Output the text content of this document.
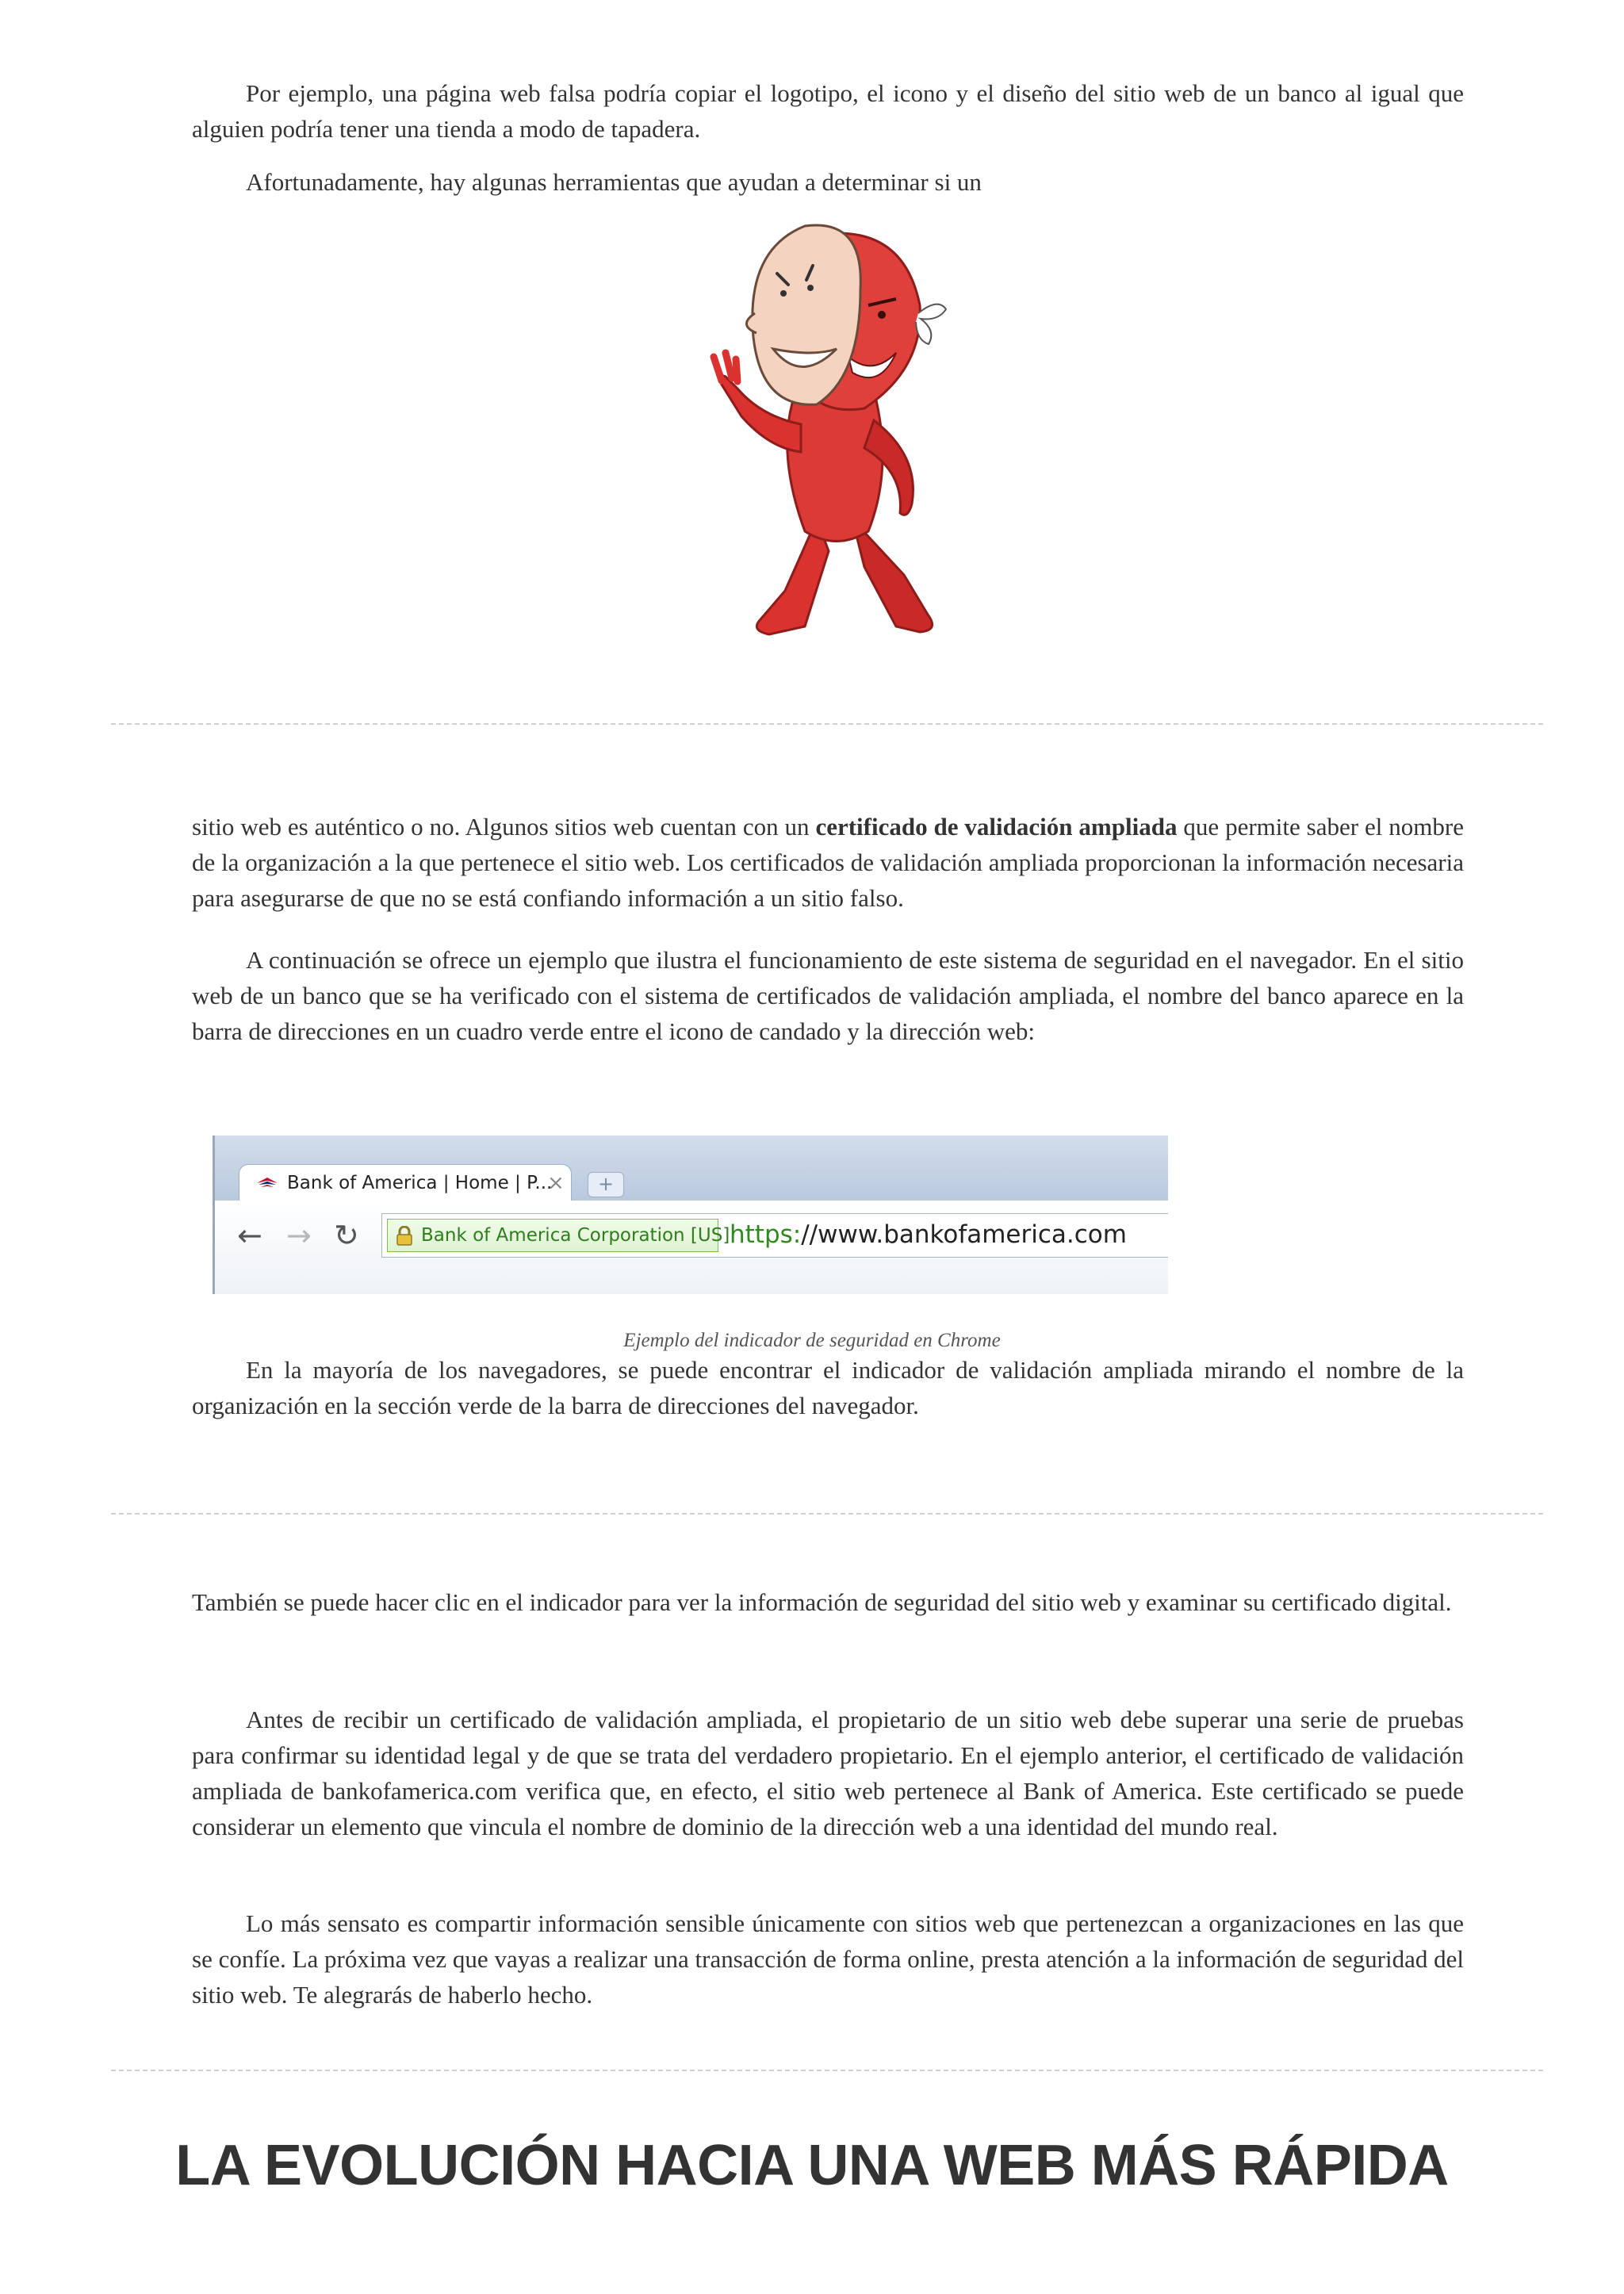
Por ejemplo, una página web falsa podría copiar el logotipo, el icono y el diseño del sitio web de un banco al igual que alguien podría tener una tienda a modo de tapadera.

Afortunadamente, hay algunas herramientas que ayudan a determinar si un

sitio web es auténtico o no. Algunos sitios web cuentan con un certificado de validación ampliada que permite saber el nombre de la organización a la que pertenece el sitio web. Los certificados de validación ampliada proporcionan la información necesaria para asegurarse de que no se está confiando información a un sitio falso.

A continuación se ofrece un ejemplo que ilustra el funcionamiento de este sistema de seguridad en el navegador. En el sitio web de un banco que se ha verificado con el sistema de certificados de validación ampliada, el nombre del banco aparece en la barra de direcciones en un cuadro verde entre el icono de candado y la dirección web:

Bank of America | Home | P...
×	+
← → ↻	Bank of America Corporation [US] https://www.bankofamerica.com

Ejemplo del indicador de seguridad en Chrome

En la mayoría de los navegadores, se puede encontrar el indicador de validación ampliada mirando el nombre de la organización en la sección verde de la barra de direcciones del navegador.

También se puede hacer clic en el indicador para ver la información de seguridad del sitio web y examinar su certificado digital.

Antes de recibir un certificado de validación ampliada, el propietario de un sitio web debe superar una serie de pruebas para confirmar su identidad legal y de que se trata del verdadero propietario. En el ejemplo anterior, el certificado de validación ampliada de bankofamerica.com verifica que, en efecto, el sitio web pertenece al Bank of America. Este certificado se puede considerar un elemento que vincula el nombre de dominio de la dirección web a una identidad del mundo real.

Lo más sensato es compartir información sensible únicamente con sitios web que pertenezcan a organizaciones en las que se confíe. La próxima vez que vayas a realizar una transacción de forma online, presta atención a la información de seguridad del sitio web. Te alegrarás de haberlo hecho.

LA EVOLUCIÓN HACIA UNA WEB MÁS RÁPIDA
